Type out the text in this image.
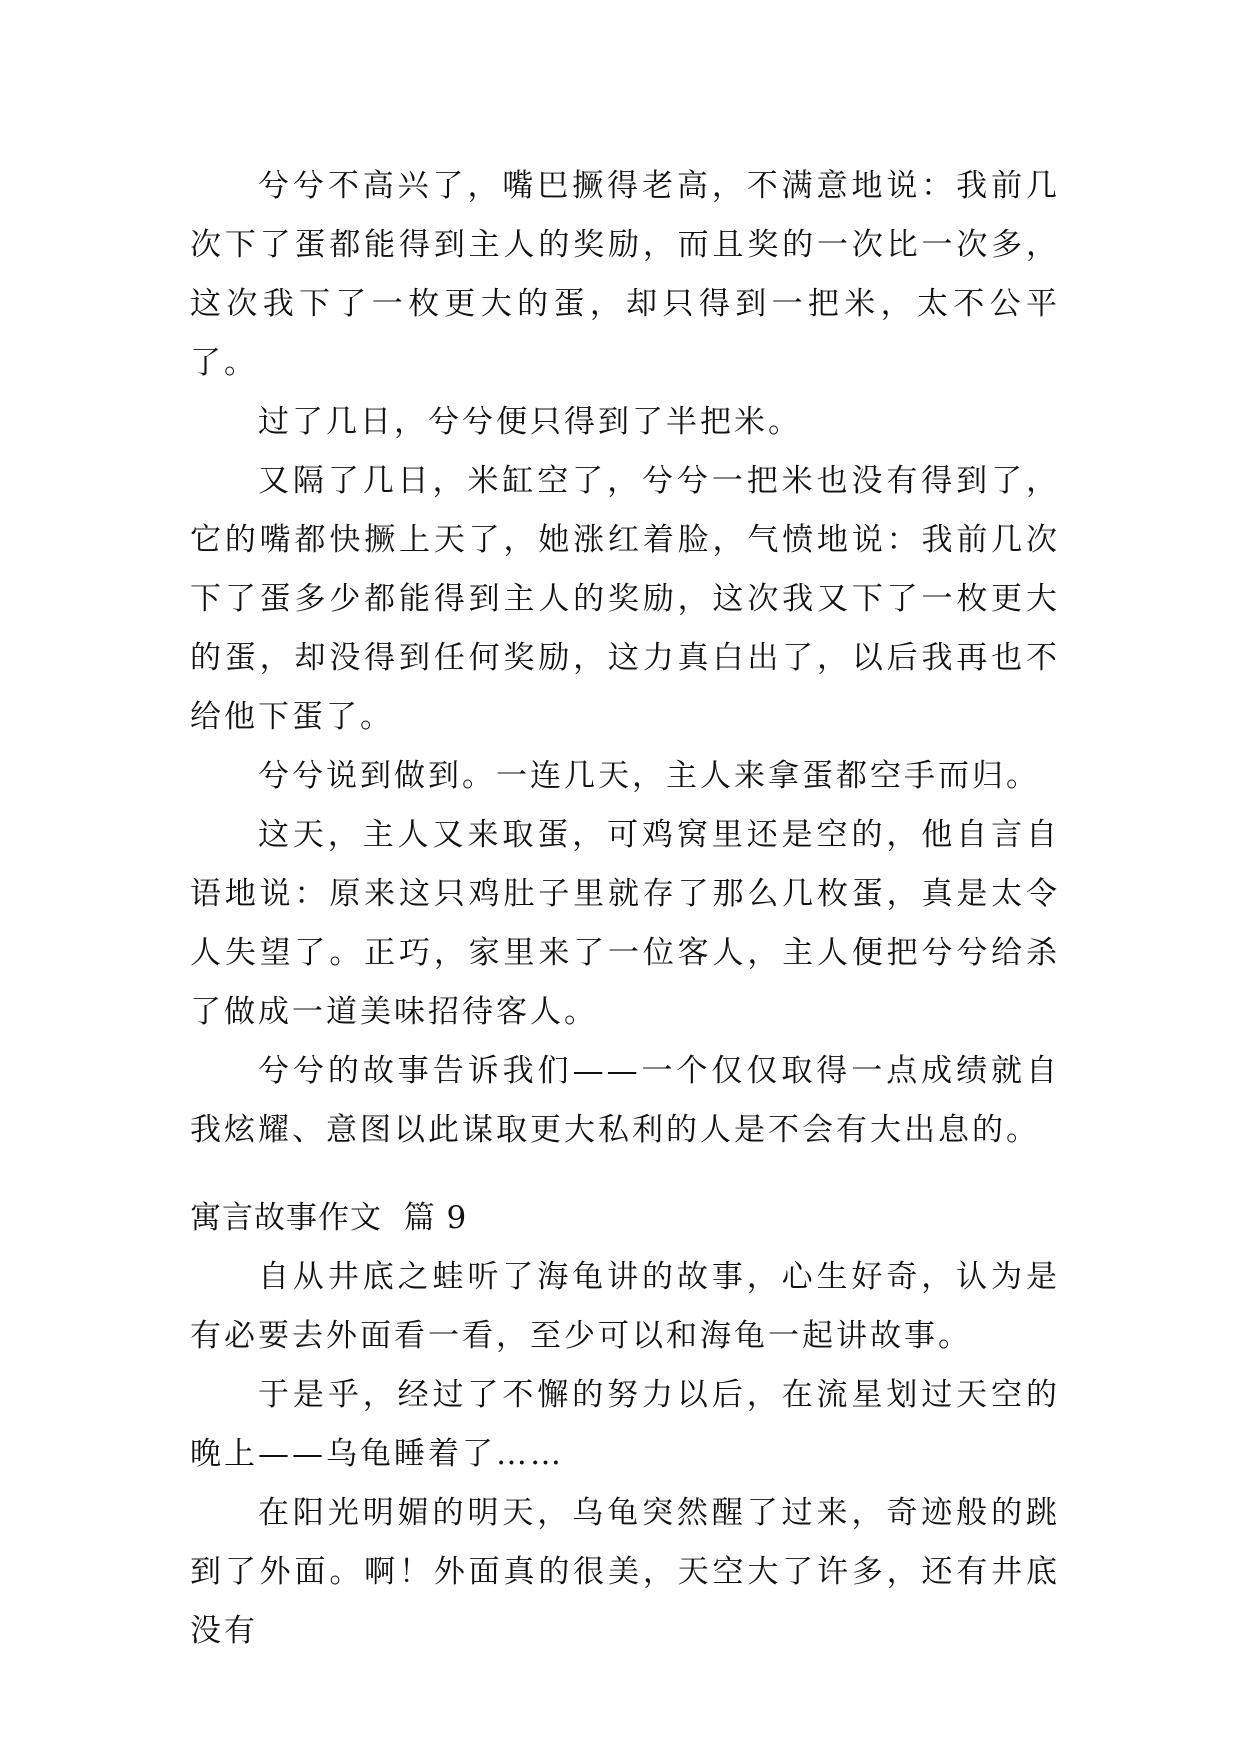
兮兮不高兴了，嘴巴撅得老高，不满意地说：我前几次下了蛋都能得到主人的奖励，而且奖的一次比一次多，这次我下了一枚更大的蛋，却只得到一把米，太不公平了。

过了几日，兮兮便只得到了半把米。

又隔了几日，米缸空了，兮兮一把米也没有得到了，它的嘴都快撅上天了，她涨红着脸，气愤地说：我前几次下了蛋多少都能得到主人的奖励，这次我又下了一枚更大的蛋，却没得到任何奖励，这力真白出了，以后我再也不给他下蛋了。

兮兮说到做到。一连几天，主人来拿蛋都空手而归。

这天，主人又来取蛋，可鸡窝里还是空的，他自言自语地说：原来这只鸡肚子里就存了那么几枚蛋，真是太令人失望了。正巧，家里来了一位客人，主人便把兮兮给杀了做成一道美味招待客人。

兮兮的故事告诉我们——一个仅仅取得一点成绩就自我炫耀、意图以此谋取更大私利的人是不会有大出息的。

寓言故事作文  篇 9

自从井底之蛙听了海龟讲的故事，心生好奇，认为是有必要去外面看一看，至少可以和海龟一起讲故事。

于是乎，经过了不懈的努力以后，在流星划过天空的晚上——乌龟睡着了……

在阳光明媚的明天，乌龟突然醒了过来，奇迹般的跳到了外面。啊！外面真的很美，天空大了许多，还有井底没有
